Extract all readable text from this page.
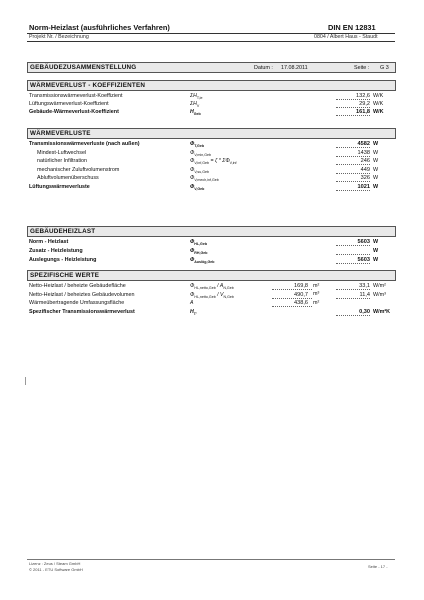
Norm-Heizlast (ausführliches Verfahren)	DIN EN 12831
Projekt Nr. / Bezeichnung	0804 / Albert Haus - Staudt
GEBÄUDEZUSAMMENSTELLUNG	Datum : 17.08.2011	Seite : G 3
WÄRMEVERLUST - KOEFFIZIENTEN
WÄRMEVERLUSTE
GEBÄUDEHEIZLAST
SPEZIFISCHE WERTE
Transmissionswärmeverlust-Koeffizient	$\Sigma H_{T,ie}$	132,6 W/K
Lüftungswärmeverlust-Koeffizient	$\Sigma H_V$	29,2 W/K
Gebäude-Wärmeverlust-Koeffizient	$H_{Geb}$	161,8 W/K
Transmissionswärmeverluste (nach außen)	$\Phi_{T,Geb}$	4582 W
Mindest-Luftwechsel	$\Phi_{V,min,Geb}$	1438 W
natürlicher Infiltration	$\Phi_{V,inf,Geb} = \zeta * \Sigma\Phi_{V,inf}$	246 W
mechanischer Zuluftvolumenstrom	$\Phi_{V,su,Geb}$	449 W
Abluftvolumenüberschuss	$\Phi_{V,mech,inf,Geb}$	326 W
Lüftungswärmeverluste	$\Phi_{V,Geb}$	1021 W
Norm - Heizlast	$\Phi_{HL,Geb}$	5603 W
Zusatz - Heizleistung	$\Phi_{RH,Geb}$	W
Auslegungs - Heizleistung	$\Phi_{Auslög,Geb}$	5603 W
Netto-Heizlast / beheizte Gebäudefläche	$\Phi_{HL,netto,Geb} / A_{N,Geb}$	169,8 m²	33,1 W/m²
Netto-Heizlast / beheiztes Gebäudevolumen	$\Phi_{HL,netto,Geb} / V_{N,Geb}$	490,7 m³	11,4 W/m³
Wärmeübertragende Umfassungsfläche	A	438,6 m²
Spezifischer Transmissionswärmeverlust	$H_{T'}$	0,30 W/m²K
Lizenz : Zeus / Steam GmbH
© 2011 - ETU Software GmbH
Seite - 17 -
